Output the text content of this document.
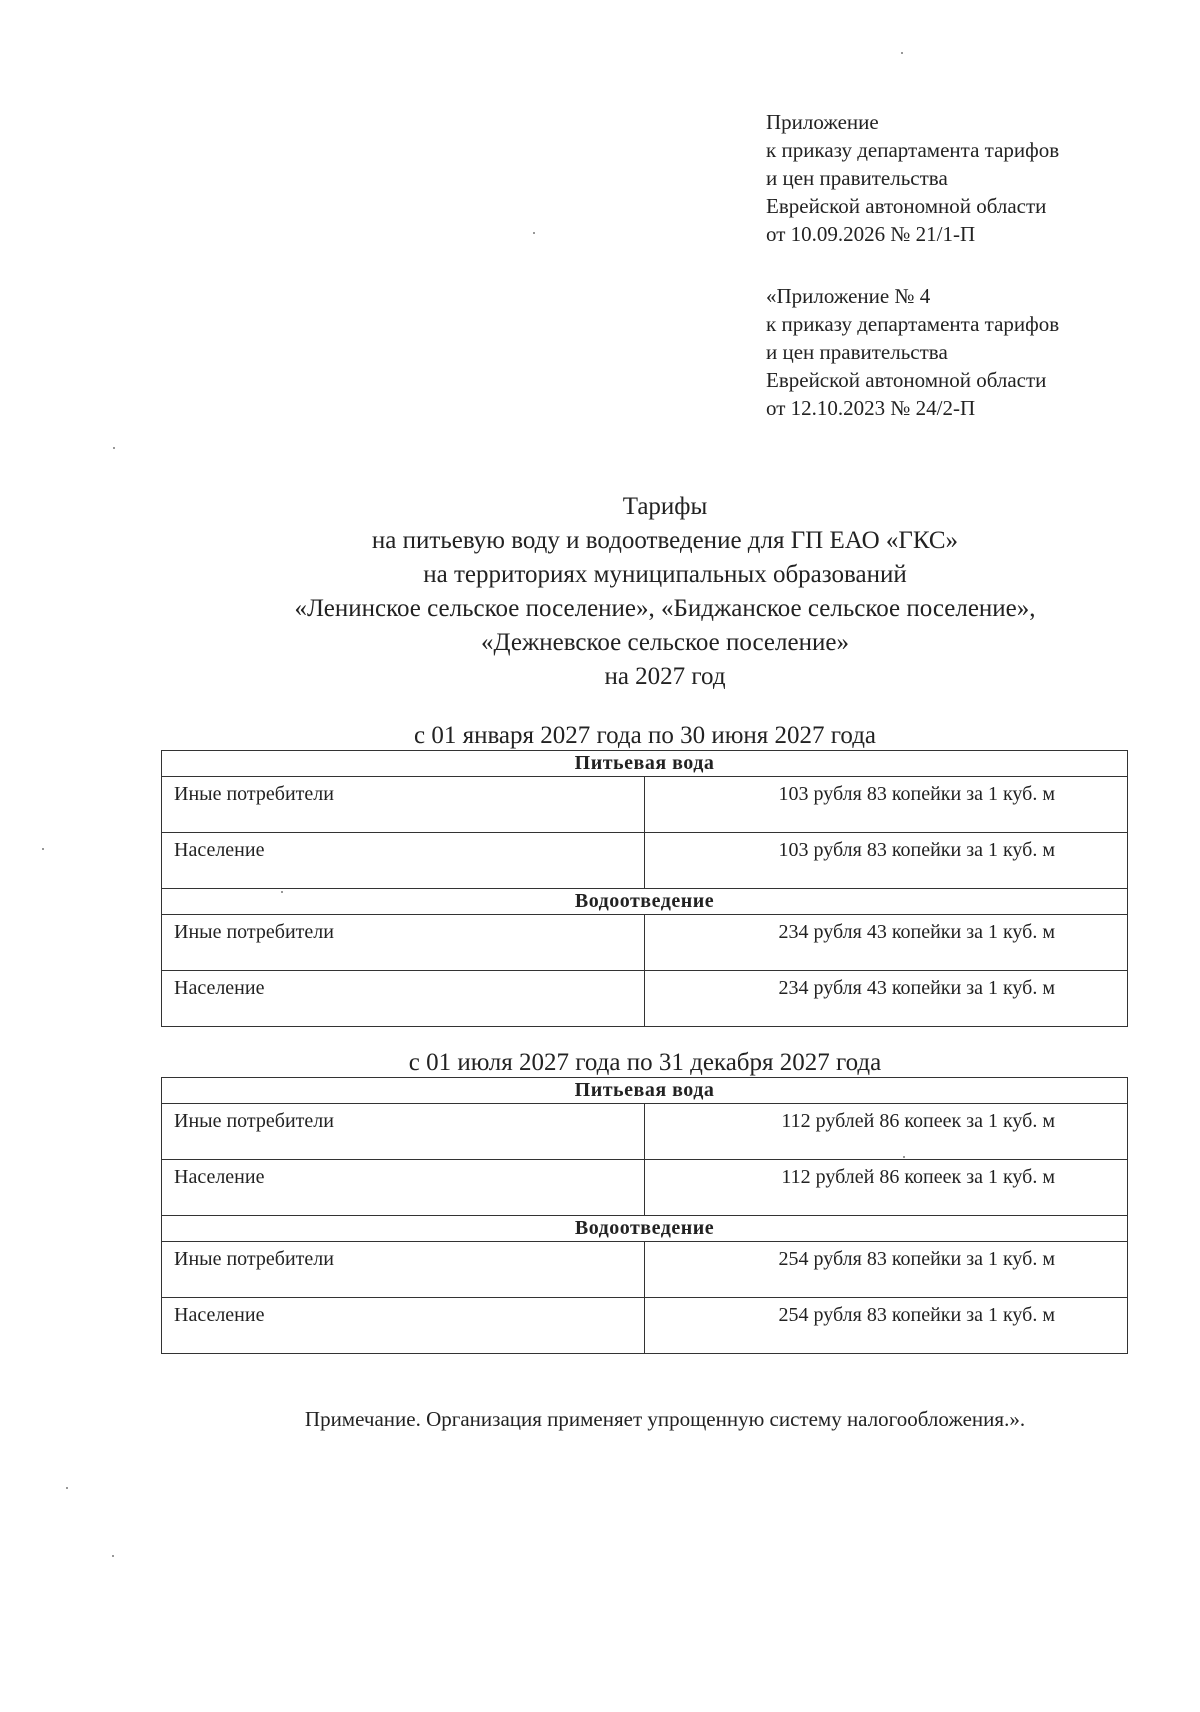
Приложение
к приказу департамента тарифов
и цен правительства
Еврейской автономной области
от 10.09.2026 № 21/1-П
«Приложение № 4
к приказу департамента тарифов
и цен правительства
Еврейской автономной области
от 12.10.2023 № 24/2-П
Тарифы
на питьевую воду и водоотведение для ГП ЕАО «ГКС»
на территориях муниципальных образований
«Ленинское сельское поселение», «Биджанское сельское поселение»,
«Дежневское сельское поселение»
на 2027 год
с 01 января 2027 года по 30 июня 2027 года
Питьевая вода	
Иные потребители	103 рубля 83 копейки за 1 куб. м
Население	103 рубля 83 копейки за 1 куб. м
Водоотведение	
Иные потребители	234 рубля 43 копейки за 1 куб. м
Население	234 рубля 43 копейки за 1 куб. м
с 01 июля 2027 года по 31 декабря 2027 года
Питьевая вода	
Иные потребители	112 рублей 86 копеек за 1 куб. м
Население	112 рублей 86 копеек за 1 куб. м
Водоотведение	
Иные потребители	254 рубля 83 копейки за 1 куб. м
Население	254 рубля 83 копейки за 1 куб. м
Примечание. Организация применяет упрощенную систему налогообложения.».
